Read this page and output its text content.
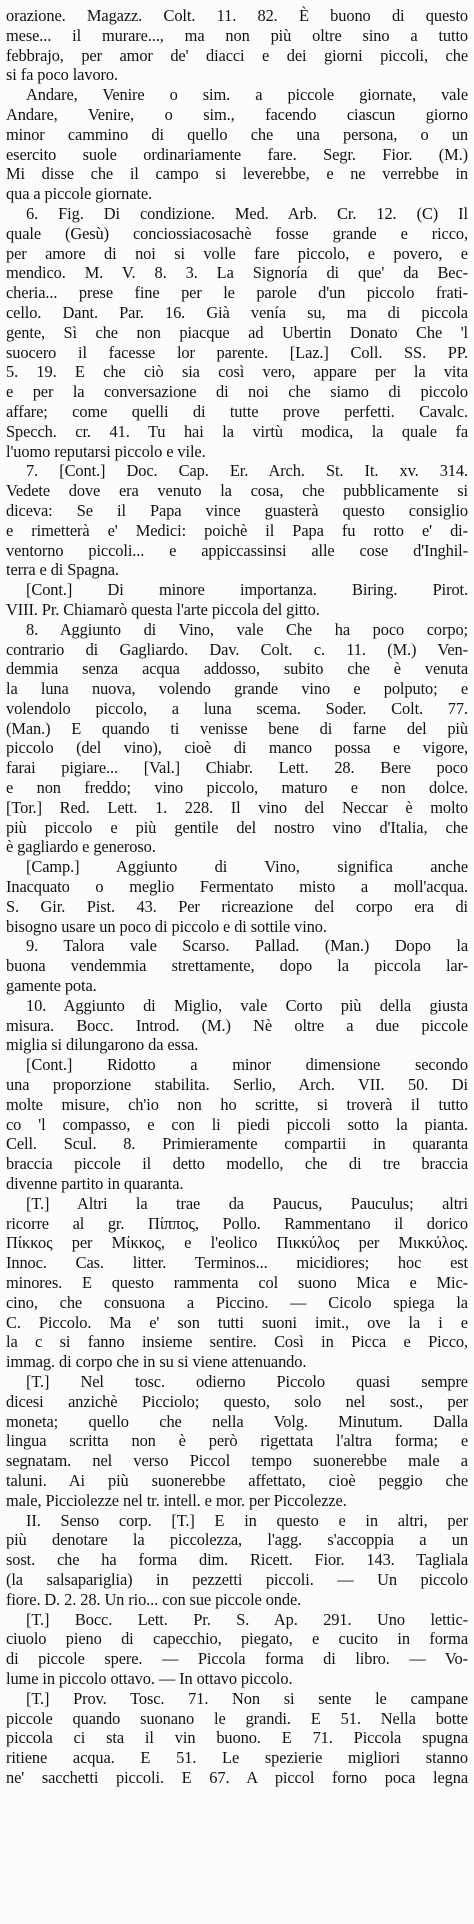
orazione. Magazz. Colt. 11. 82. È buono di questo
mese... il murare..., ma non più oltre sino a tutto
febbrajo, per amor de' diacci e dei giorni piccoli, che
si fa poco lavoro.
Andare, Venire o sim. a piccole giornate, vale
Andare, Venire, o sim., facendo ciascun giorno
minor cammino di quello che una persona, o un
esercito suole ordinariamente fare. Segr. Fior. (M.)
Mi disse che il campo si leverebbe, e ne verrebbe in
qua a piccole giornate.
6. Fig. Di condizione. Med. Arb. Cr. 12. (C) Il
quale (Gesù) conciossiacosachè fosse grande e ricco,
per amore di noi si volle fare piccolo, e povero, e
mendico. M. V. 8. 3. La Signoría di que' da Bec-
cheria... prese fine per le parole d'un piccolo frati-
cello. Dant. Par. 16. Già venía su, ma di piccola
gente, Sì che non piacque ad Ubertin Donato Che 'l
suocero il facesse lor parente. [Laz.] Coll. SS. PP.
5. 19. E che ciò sia così vero, appare per la vita
e per la conversazione di noi che siamo di piccolo
affare; come quelli di tutte prove perfetti. Cavalc.
Specch. cr. 41. Tu hai la virtù modica, la quale fa
l'uomo reputarsi piccolo e vile.
7. [Cont.] Doc. Cap. Er. Arch. St. It. xv. 314.
Vedete dove era venuto la cosa, che pubblicamente si
diceva: Se il Papa vince guasterà questo consiglio
e rimetterà e' Medici: poichè il Papa fu rotto e' di-
ventorno piccoli... e appiccassinsi alle cose d'Inghil-
terra e di Spagna.
[Cont.] Di minore importanza. Biring. Pirot.
VIII. Pr. Chiamarò questa l'arte piccola del gitto.
8. Aggiunto di Vino, vale Che ha poco corpo;
contrario di Gagliardo. Dav. Colt. c. 11. (M.) Ven-
demmia senza acqua addosso, subito che è venuta
la luna nuova, volendo grande vino e polputo; e
volendolo piccolo, a luna scema. Soder. Colt. 77.
(Man.) E quando ti venisse bene di farne del più
piccolo (del vino), cioè di manco possa e vigore,
farai pigiare... [Val.] Chiabr. Lett. 28. Bere poco
e non freddo; vino piccolo, maturo e non dolce.
[Tor.] Red. Lett. 1. 228. Il vino del Neccar è molto
più piccolo e più gentile del nostro vino d'Italia, che
è gagliardo e generoso.
[Camp.] Aggiunto di Vino, significa anche
Inacquato o meglio Fermentato misto a moll'acqua.
S. Gir. Pist. 43. Per ricreazione del corpo era di
bisogno usare un poco di piccolo e di sottile vino.
9. Talora vale Scarso. Pallad. (Man.) Dopo la
buona vendemmia strettamente, dopo la piccola lar-
gamente pota.
10. Aggiunto di Miglio, vale Corto più della giusta
misura. Bocc. Introd. (M.) Nè oltre a due piccole
miglia si dilungarono da essa.
[Cont.] Ridotto a minor dimensione secondo
una proporzione stabilita. Serlio, Arch. VII. 50. Di
molte misure, ch'io non ho scritte, si troverà il tutto
co 'l compasso, e con li piedi piccoli sotto la pianta.
Cell. Scul. 8. Primieramente compartii in quaranta
braccia piccole il detto modello, che di tre braccia
divenne partito in quaranta.
[T.] Altri la trae da Paucus, Pauculus; altri
ricorre al gr. Πίππος, Pollo. Rammentano il dorico
Πίκκος per Μίκκος, e l'eolico Πικκύλος per Μικκύλος.
Innoc. Cas. litter. Terminos... micidiores; hoc est
minores. E questo rammenta col suono Mica e Mic-
cino, che consuona a Piccino. — Cicolo spiega la
C. Piccolo. Ma e' son tutti suoni imit., ove la i e
la c si fanno insieme sentire. Così in Picca e Picco,
immag. di corpo che in su si viene attenuando.
[T.] Nel tosc. odierno Piccolo quasi sempre
dicesi anzichè Picciolo; questo, solo nel sost., per
moneta; quello che nella Volg. Minutum. Dalla
lingua scritta non è però rigettata l'altra forma; e
segnatam. nel verso Piccol tempo suonerebbe male a
taluni. Ai più suonerebbe affettato, cioè peggio che
male, Picciolezze nel tr. intell. e mor. per Piccolezze.
II. Senso corp. [T.] E in questo e in altri, per
più denotare la piccolezza, l'agg. s'accoppia a un
sost. che ha forma dim. Ricett. Fior. 143. Tagliala
(la salsapariglia) in pezzetti piccoli. — Un piccolo
fiore. D. 2. 28. Un rio... con sue piccole onde.
[T.] Bocc. Lett. Pr. S. Ap. 291. Uno lettic-
ciuolo pieno di capecchio, piegato, e cucito in forma
di piccole spere. — Piccola forma di libro. — Vo-
lume in piccolo ottavo. — In ottavo piccolo.
[T.] Prov. Tosc. 71. Non si sente le campane
piccole quando suonano le grandi. E 51. Nella botte
piccola ci sta il vin buono. E 71. Piccola spugna
ritiene acqua. E 51. Le spezierie migliori stanno
ne' sacchetti piccoli. E 67. A piccol forno poca legna
